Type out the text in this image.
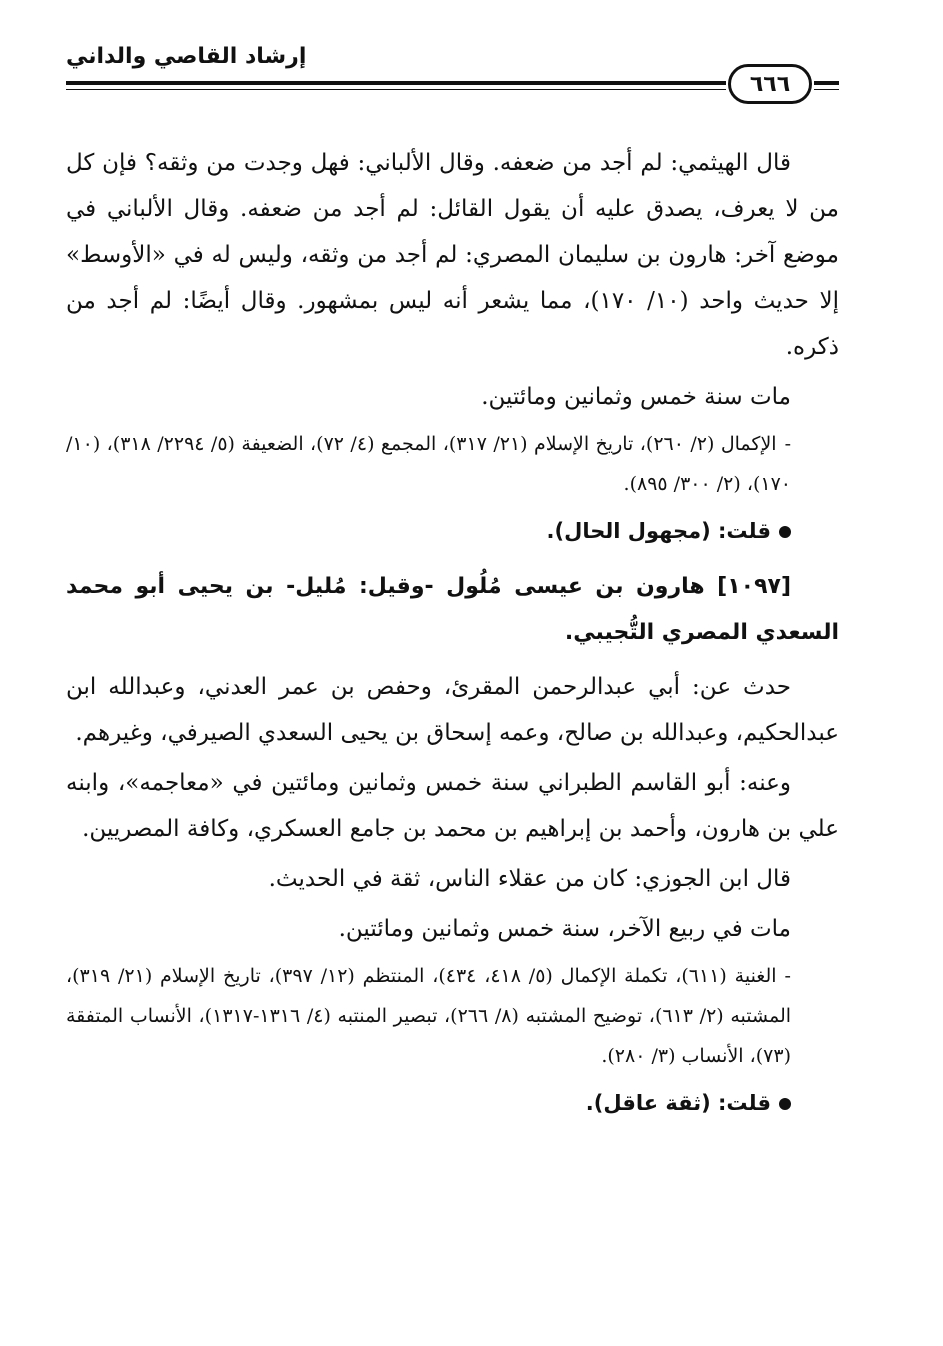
إرشاد القاصي والداني
٦٦٦

قال الهيثمي: لم أجد من ضعفه. وقال الألباني: فهل وجدت من وثقه؟ فإن كل من لا يعرف، يصدق عليه أن يقول القائل: لم أجد من ضعفه. وقال الألباني في موضع آخر: هارون بن سليمان المصري: لم أجد من وثقه، وليس له في «الأوسط» إلا حديث واحد (١٠/ ١٧٠)، مما يشعر أنه ليس بمشهور. وقال أيضًا: لم أجد من ذكره.

مات سنة خمس وثمانين ومائتين.

-الإكمال (٢/ ٢٦٠)، تاريخ الإسلام (٢١/ ٣١٧)، المجمع (٤/ ٧٢)، الضعيفة (٥/ ٢٢٩٤/ ٣١٨)، (١٠/ ١٧٠)، (٢/ ٣٠٠/ ٨٩٥).

قلت: (مجهول الحال).

[١٠٩٧] هارون بن عيسى مُلُول -وقيل: مُليل- بن يحيى أبو محمد السعدي المصري التُّجيبي.

حدث عن: أبي عبدالرحمن المقرئ، وحفص بن عمر العدني، وعبدالله ابن عبدالحكيم، وعبدالله بن صالح، وعمه إسحاق بن يحيى السعدي الصيرفي، وغيرهم.

وعنه: أبو القاسم الطبراني سنة خمس وثمانين ومائتين في «معاجمه»، وابنه علي بن هارون، وأحمد بن إبراهيم بن محمد بن جامع العسكري، وكافة المصريين.

قال ابن الجوزي: كان من عقلاء الناس، ثقة في الحديث.

مات في ربيع الآخر، سنة خمس وثمانين ومائتين.

-الغنية (٦١١)، تكملة الإكمال (٥/ ٤١٨، ٤٣٤)، المنتظم (١٢/ ٣٩٧)، تاريخ الإسلام (٢١/ ٣١٩)، المشتبه (٢/ ٦١٣)، توضيح المشتبه (٨/ ٢٦٦)، تبصير المنتبه (٤/ ١٣١٦-١٣١٧)، الأنساب المتفقة (٧٣)، الأنساب (٣/ ٢٨٠).

قلت: (ثقة عاقل).
